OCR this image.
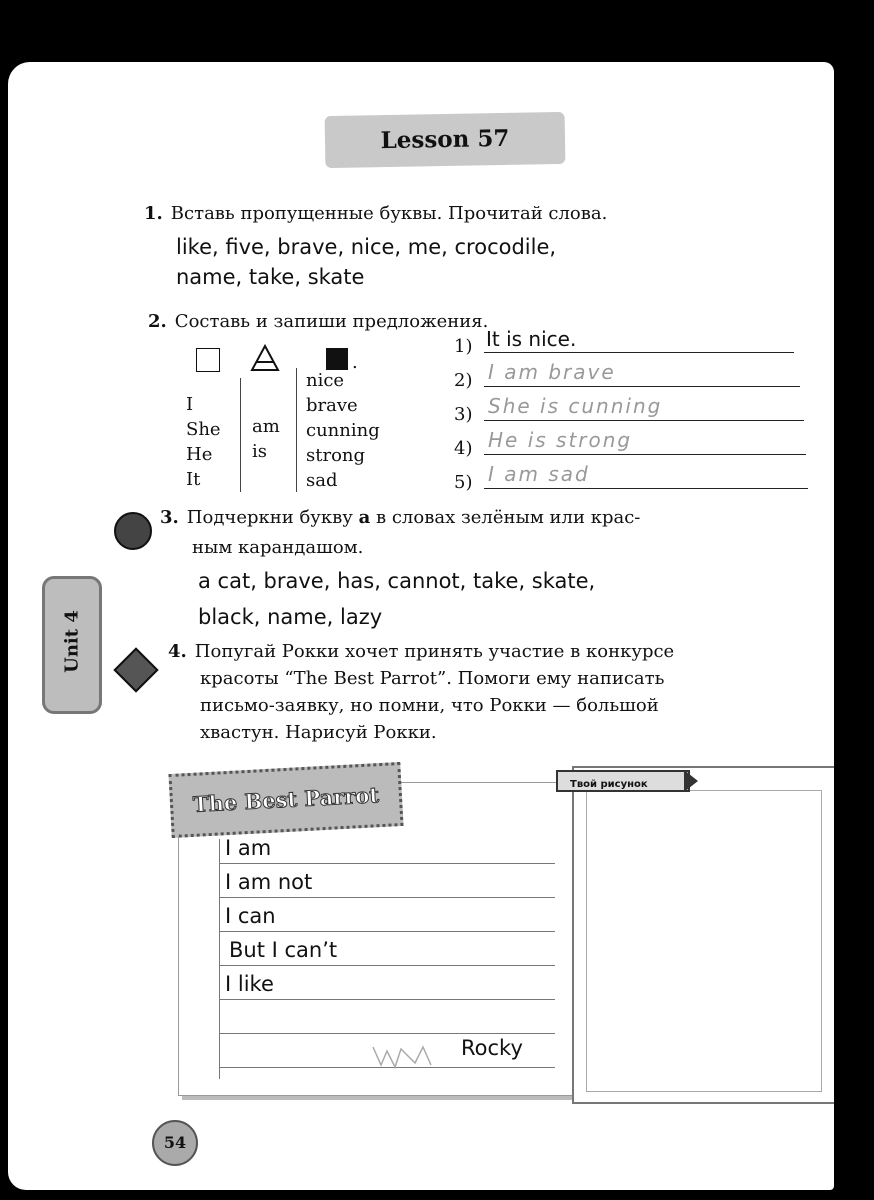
Lesson 57
1. Вставь пропущенные буквы. Прочитай слова.
like, five, brave, nice, me, crocodile,
name, take, skate
2. Составь и запиши предложения.
.
I
She
He
It
am
is
nice
brave
cunning
strong
sad
1) It is nice.
2) I am brave
3) She is cunning
4) He is strong
5) I am sad
3. Подчеркни букву a в словах зелёным или крас-
ным карандашом.
a cat, brave, has, cannot, take, skate,
black, name, lazy
Unit 4	4. Попугай Рокки хочет принять участие в конкурсе
красоты “The Best Parrot”. Помоги ему написать
письмо-заявку, но помни, что Рокки — большой
хвастун. Нарисуй Рокки.
I am
I am not
I can
But I can’t
I like
Rocky
The Best Parrot	Твой рисунок
54
